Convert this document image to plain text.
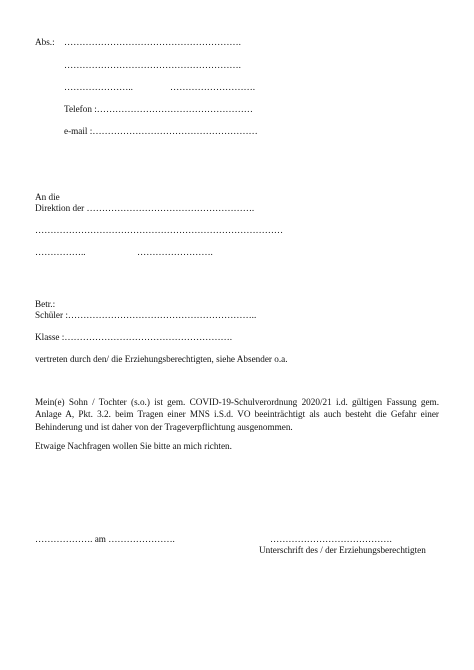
Abs.: ………………………………………………….
………………………………………………….
…………………..	……………………….
Telefon :……………………………………………
e-mail :………………………………………………
An die
Direktion der ……………………………………………….
………………………………………………………………………
……………..	…………………….
Betr.:
Schüler :……………………………………………………..
Klasse :……………………………………………….
vertreten durch den/ die Erziehungsberechtigten, siehe Absender o.a.
Mein(e) Sohn / Tochter (s.o.) ist gem. COVID-19-Schulverordnung 2020/21 i.d. gültigen Fassung gem. Anlage A, Pkt. 3.2. beim Tragen einer MNS i.S.d. VO beeinträchtigt als auch besteht die Gefahr einer Behinderung und ist daher von der Trageverpflichtung ausgenommen.
Etwaige Nachfragen wollen Sie bitte an mich richten.
………………. am ………………….	………………………………….
Unterschrift des / der Erziehungsberechtigten
